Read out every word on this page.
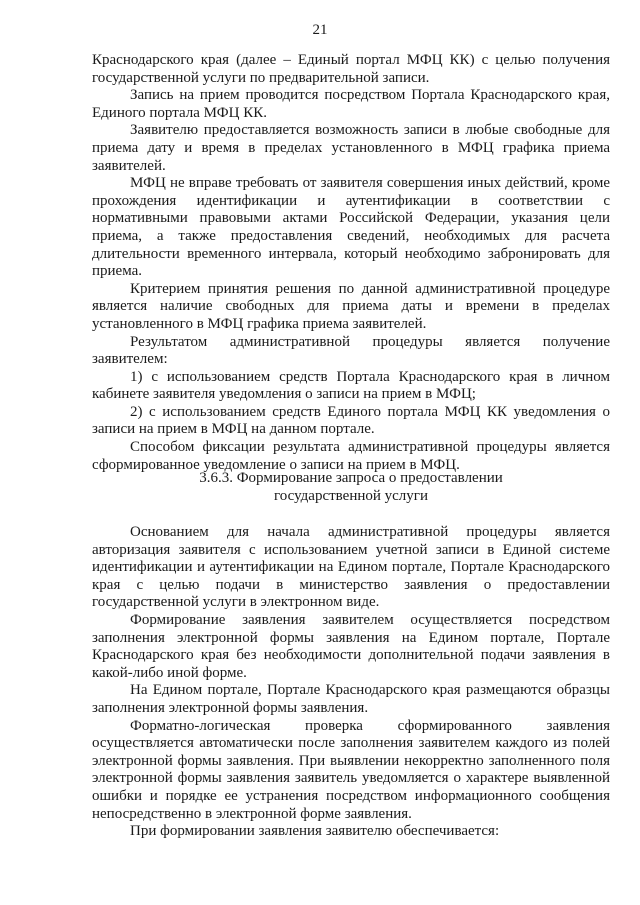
21

Краснодарского края (далее – Единый портал МФЦ КК) с целью получения государственной услуги по предварительной записи.

Запись на прием проводится посредством Портала Краснодарского края, Единого портала МФЦ КК.

Заявителю предоставляется возможность записи в любые свободные для приема дату и время в пределах установленного в МФЦ графика приема заявителей.

МФЦ не вправе требовать от заявителя совершения иных действий, кроме прохождения идентификации и аутентификации в соответствии с нормативными правовыми актами Российской Федерации, указания цели приема, а также предоставления сведений, необходимых для расчета длительности временного интервала, который необходимо забронировать для приема.

Критерием принятия решения по данной административной процедуре является наличие свободных для приема даты и времени в пределах установленного в МФЦ графика приема заявителей.

Результатом административной процедуры является получение заявителем:

1) с использованием средств Портала Краснодарского края в личном кабинете заявителя уведомления о записи на прием в МФЦ;

2) с использованием средств Единого портала МФЦ КК уведомления о записи на прием в МФЦ на данном портале.

Способом фиксации результата административной процедуры является сформированное уведомление о записи на прием в МФЦ.

3.6.3. Формирование запроса о предоставлении
государственной услуги

Основанием для начала административной процедуры является авторизация заявителя с использованием учетной записи в Единой системе идентификации и аутентификации на Едином портале, Портале Краснодарского края с целью подачи в министерство заявления о предоставлении государственной услуги в электронном виде.

Формирование заявления заявителем осуществляется посредством заполнения электронной формы заявления на Едином портале, Портале Краснодарского края без необходимости дополнительной подачи заявления в какой-либо иной форме.

На Едином портале, Портале Краснодарского края размещаются образцы заполнения электронной формы заявления.

Форматно-логическая проверка сформированного заявления осуществляется автоматически после заполнения заявителем каждого из полей электронной формы заявления. При выявлении некорректно заполненного поля электронной формы заявления заявитель уведомляется о характере выявленной ошибки и порядке ее устранения посредством информационного сообщения непосредственно в электронной форме заявления.

При формировании заявления заявителю обеспечивается:
